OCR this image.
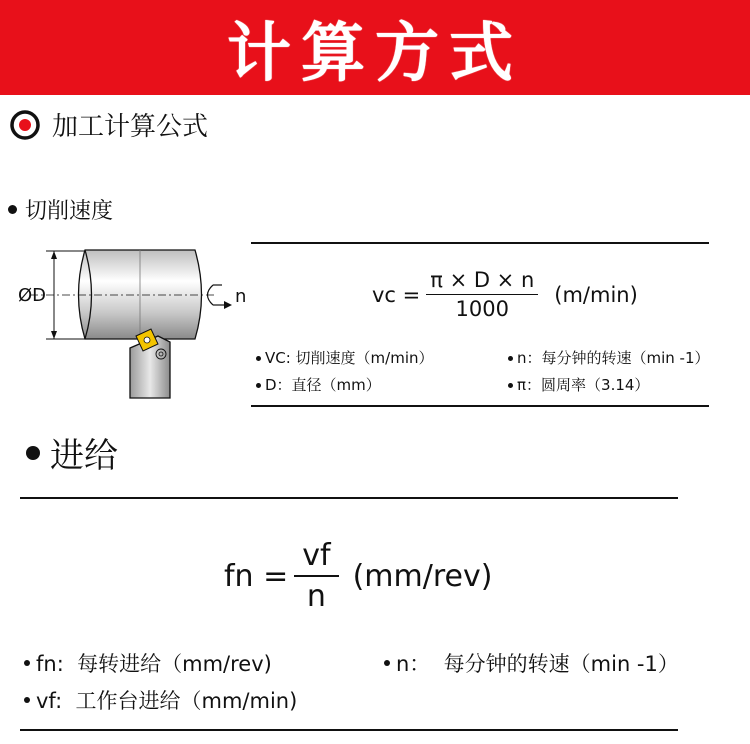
计算方式
加工计算公式
切削速度
ØD	n	vc = $\frac{\pi \times D \times n}{1000} (m/\min)$
VC: 切削速度（m/min）	n：每分钟的转速（min -1）
D：直径（mm）	π：圆周率（3.14）
进给
fn = $\frac{vf}{n} (mm/rev)$
fn:  每转进给（mm/rev)	n：  每分钟的转速（min -1）
vf:  工作台进给（mm/min)
